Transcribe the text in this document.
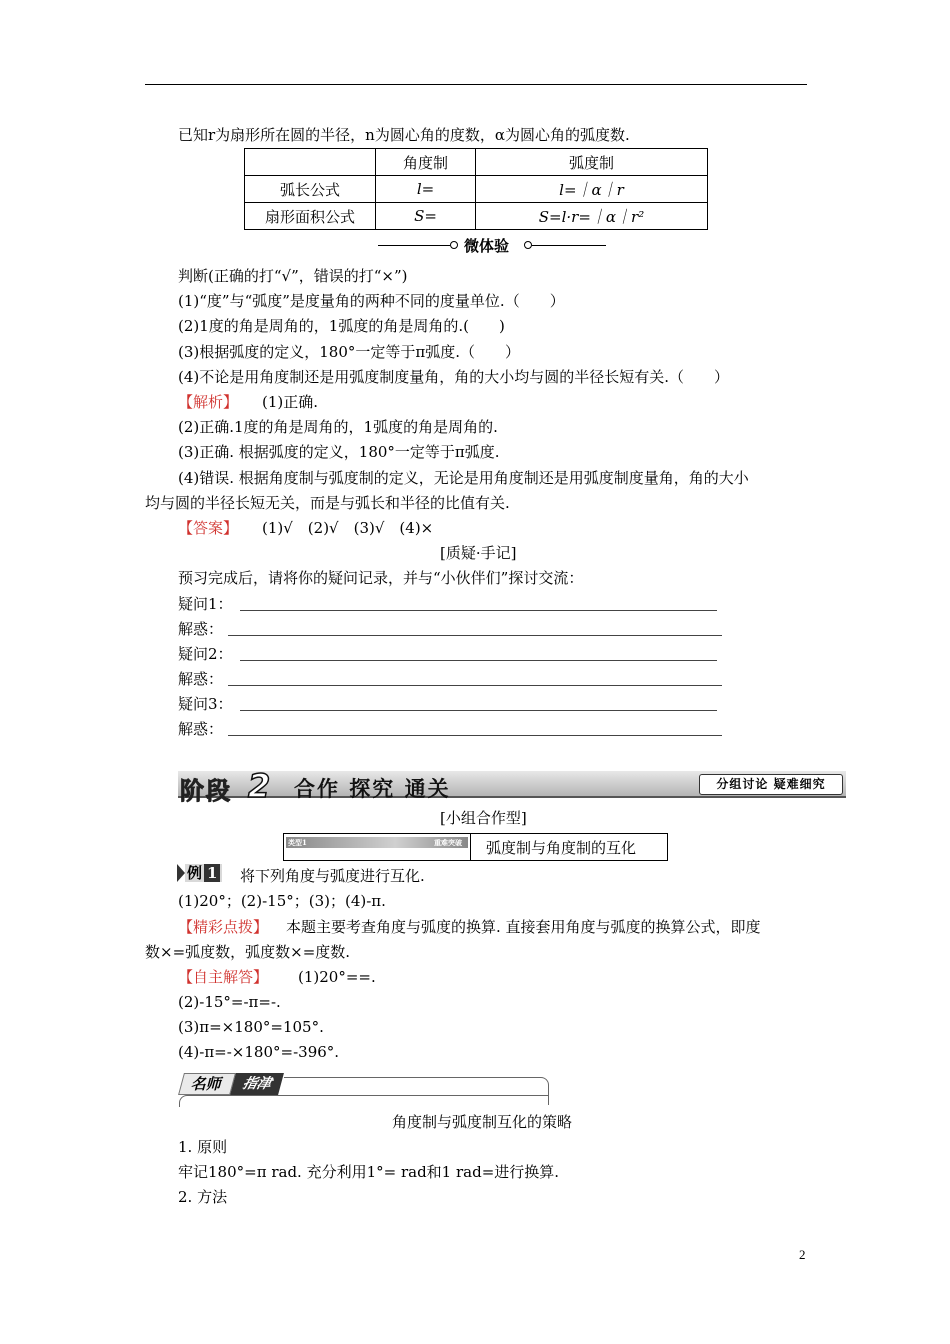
已知r为扇形所在圆的半径，n为圆心角的度数，α为圆心角的弧度数.
	角度制	弧度制
弧长公式	l=	l=｜α｜r
扇形面积公式	S=	S=l·r=｜α｜r²
微体验
判断(正确的打“√”，错误的打“×”)
(1)“度”与“弧度”是度量角的两种不同的度量单位.（　　）
(2)1度的角是周角的，1弧度的角是周角的.(　　)
(3)根据弧度的定义，180°一定等于π弧度.（　　）
(4)不论是用角度制还是用弧度制度量角，角的大小均与圆的半径长短有关.（　　）
【解析】 (1)正确.
(2)正确.1度的角是周角的，1弧度的角是周角的.
(3)正确. 根据弧度的定义，180°一定等于π弧度.
(4)错误. 根据角度制与弧度制的定义，无论是用角度制还是用弧度制度量角，角的大小
均与圆的半径长短无关，而是与弧长和半径的比值有关.
【答案】 (1)√　(2)√　(3)√　(4)×
[质疑·手记]
预习完成后，请将你的疑问记录，并与“小伙伴们”探讨交流：
疑问1：
解惑：
疑问2：
解惑：
疑问3：
解惑：
阶段 2 合作 探究 通关	分组讨论 疑难细究
[小组合作型]
类型1	重难突破 弧度制与角度制的互化
例 1	将下列角度与弧度进行互化.
(1)20°；(2)-15°；(3)；(4)-π.
【精彩点拨】 本题主要考查角度与弧度的换算. 直接套用角度与弧度的换算公式，即度
数×=弧度数，弧度数×=度数.
【自主解答】 (1)20°==.
(2)-15°=-π=-.
(3)π=×180°=105°.
(4)-π=-×180°=-396°.
名师	指津
角度制与弧度制互化的策略
1. 原则
牢记180°=π rad. 充分利用1°= rad和1 rad=进行换算.
2. 方法
2
